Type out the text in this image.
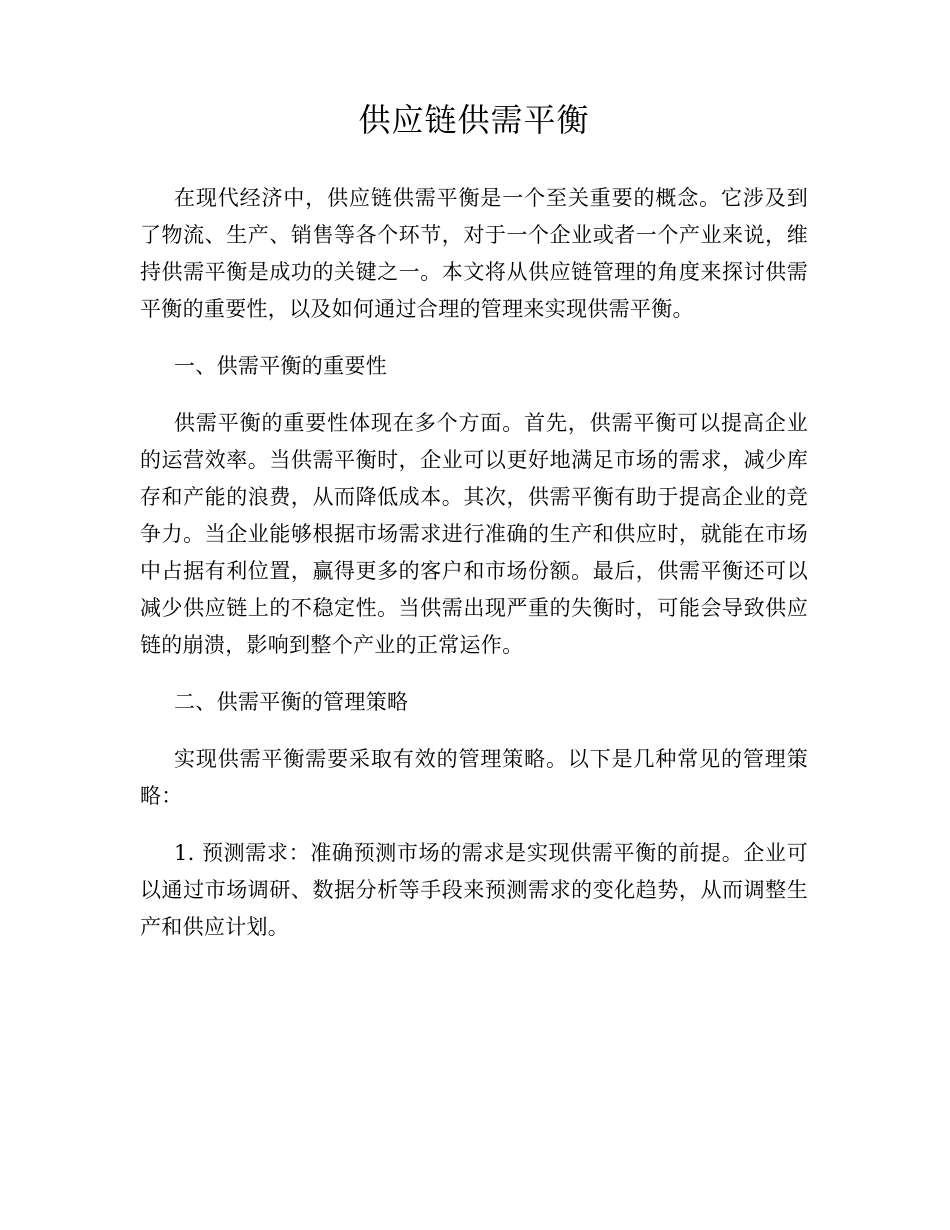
供应链供需平衡

在现代经济中，供应链供需平衡是一个至关重要的概念。它涉及到了物流、生产、销售等各个环节，对于一个企业或者一个产业来说，维持供需平衡是成功的关键之一。本文将从供应链管理的角度来探讨供需平衡的重要性，以及如何通过合理的管理来实现供需平衡。

一、供需平衡的重要性

供需平衡的重要性体现在多个方面。首先，供需平衡可以提高企业的运营效率。当供需平衡时，企业可以更好地满足市场的需求，减少库存和产能的浪费，从而降低成本。其次，供需平衡有助于提高企业的竞争力。当企业能够根据市场需求进行准确的生产和供应时，就能在市场中占据有利位置，赢得更多的客户和市场份额。最后，供需平衡还可以减少供应链上的不稳定性。当供需出现严重的失衡时，可能会导致供应链的崩溃，影响到整个产业的正常运作。

二、供需平衡的管理策略

实现供需平衡需要采取有效的管理策略。以下是几种常见的管理策略：

1. 预测需求：准确预测市场的需求是实现供需平衡的前提。企业可以通过市场调研、数据分析等手段来预测需求的变化趋势，从而调整生产和供应计划。
